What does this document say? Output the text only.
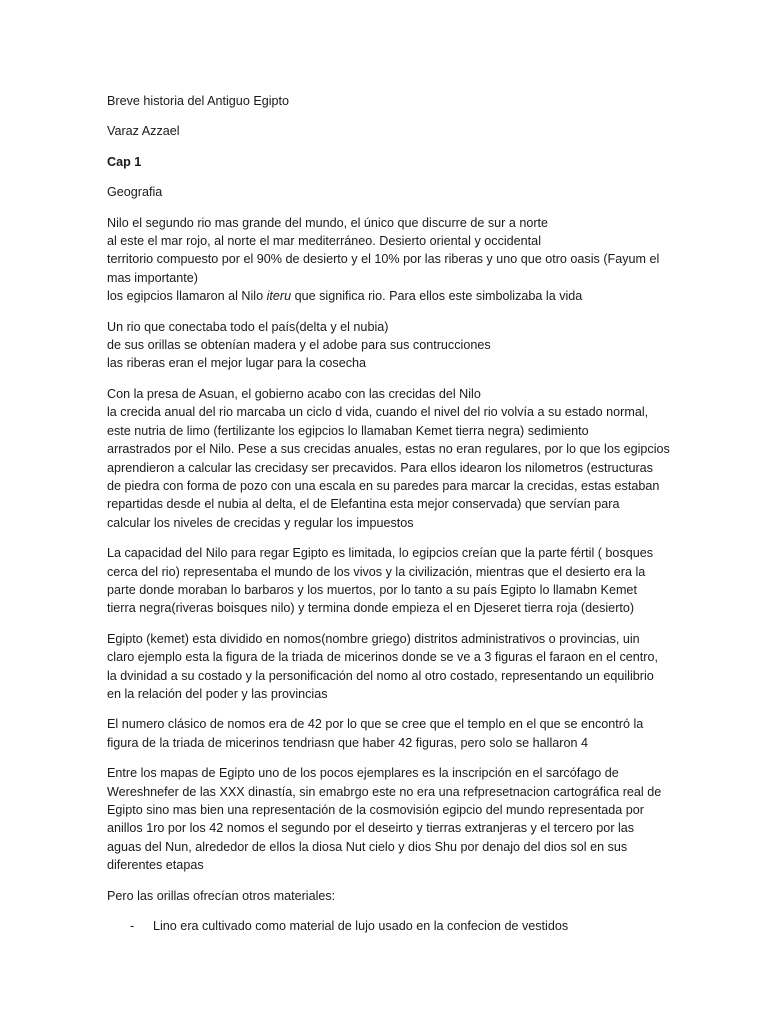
Breve historia del Antiguo Egipto

Varaz Azzael

Cap 1

Geografia

Nilo el segundo rio mas grande del mundo, el único que discurre de sur a norte
al este el mar rojo, al norte el mar mediterráneo. Desierto oriental y occidental
territorio compuesto por el 90% de desierto y el 10% por las riberas y uno que otro oasis (Fayum el
mas importante)
los egipcios llamaron al Nilo iteru que significa rio. Para ellos este simbolizaba la vida

Un rio que conectaba todo el país(delta y el nubia)
de sus orillas se obtenían madera y el adobe para sus contrucciones
las riberas eran el mejor lugar para la cosecha

Con la presa de Asuan, el gobierno acabo con las crecidas del Nilo
la crecida anual del rio marcaba un ciclo d vida, cuando el nivel del rio volvía a su estado normal,
este nutria de limo (fertilizante los egipcios lo llamaban Kemet tierra negra) sedimiento
arrastrados por el Nilo. Pese a sus crecidas anuales, estas no eran regulares, por lo que los egipcios
aprendieron a calcular las crecidasy ser precavidos. Para ellos idearon los nilometros (estructuras
de piedra con forma de pozo con una escala en su paredes para marcar la crecidas, estas estaban
repartidas desde el nubia al delta, el de Elefantina esta mejor conservada) que servían para
calcular los niveles de crecidas y regular los impuestos

La capacidad del Nilo para regar Egipto es limitada, lo egipcios creían que la parte fértil ( bosques
cerca del rio) representaba el mundo de los vivos y la civilización, mientras que el desierto era la
parte donde moraban lo barbaros y los muertos, por lo tanto a su país Egipto lo llamabn Kemet
tierra negra(riveras boisques nilo) y termina donde empieza el en Djeseret tierra roja (desierto)

Egipto (kemet) esta dividido en nomos(nombre griego) distritos administrativos o provincias, uin
claro ejemplo esta la figura de la triada de micerinos donde se ve a 3 figuras el faraon en el centro,
la dvinidad a su costado y la personificación del nomo al otro costado, representando un equilibrio
en la relación del poder y las provincias

El numero clásico de nomos era de 42 por lo que se cree que el templo en el que se encontró la
figura de la triada de micerinos tendriasn que haber 42 figuras, pero solo se hallaron 4

Entre los mapas de Egipto uno de los pocos ejemplares es la inscripción en el sarcófago de
Wereshnefer de las XXX dinastía, sin emabrgo este no era una refpresetnacion cartográfica real de
Egipto sino mas bien una representación de la cosmovisión egipcio del mundo representada por
anillos 1ro por los 42 nomos el segundo por el deseirto y tierras extranjeras y el tercero por las
aguas del Nun, alrededor de ellos la diosa Nut cielo y dios Shu por denajo del dios sol en sus
diferentes etapas

Pero las orillas ofrecían otros materiales:

- Lino era cultivado como material de lujo usado en la confecion de vestidos
